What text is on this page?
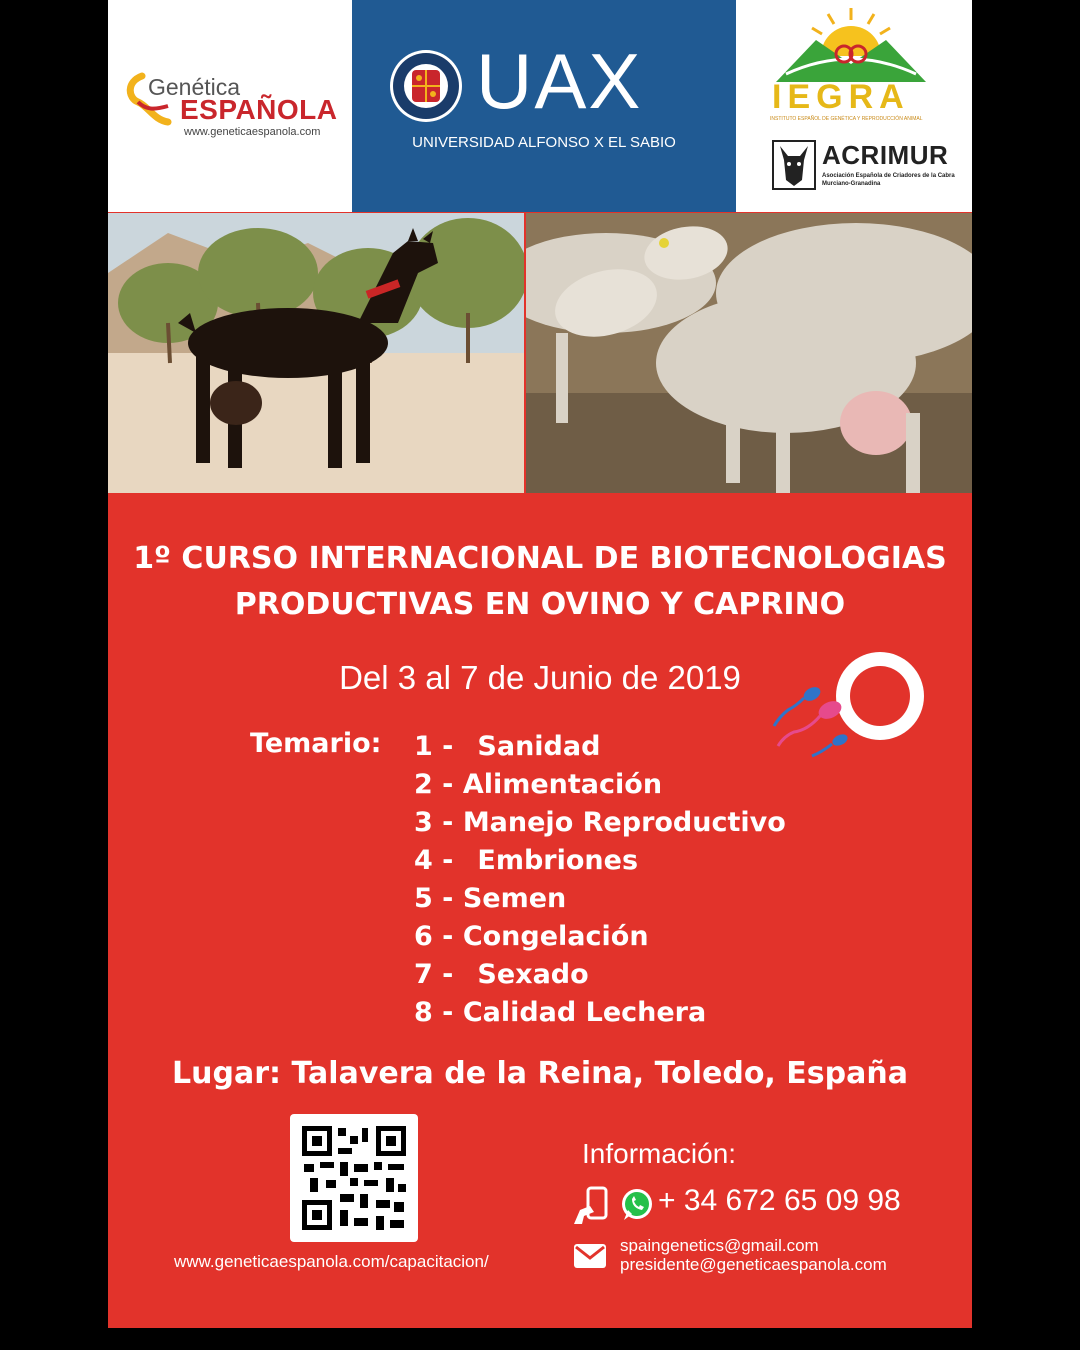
Genética
ESPAÑOLA
www.geneticaespanola.com
UAX
UNIVERSIDAD ALFONSO X EL SABIO
IEGRA
INSTITUTO ESPAÑOL DE GENÉTICA Y REPRODUCCIÓN ANIMAL
ACRIMUR
Asociación Española de Criadores de la Cabra Murciano-Granadina
1º CURSO INTERNACIONAL DE BIOTECNOLOGIAS
PRODUCTIVAS EN OVINO Y CAPRINO
Del 3 al 7 de Junio de 2019
Temario: 1 - Sanidad
2 - Alimentación
3 - Manejo Reproductivo
4 - Embriones
5 - Semen
6 - Congelación
7 - Sexado
8 - Calidad Lechera
Lugar: Talavera de la Reina, Toledo, España
www.geneticaespanola.com/capacitacion/
Información:
+ 34 672 65 09 98
spaingenetics@gmail.com
presidente@geneticaespanola.com
